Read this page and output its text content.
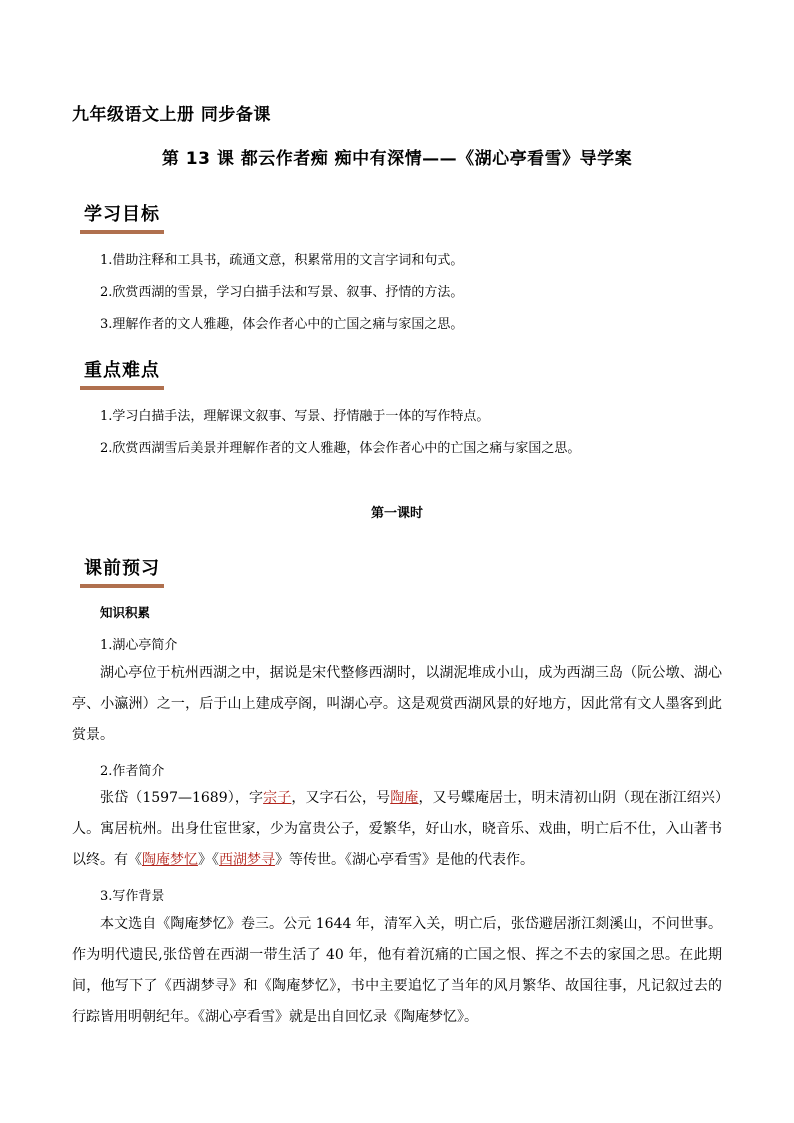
九年级语文上册 同步备课
第 13 课 都云作者痴 痴中有深情——《湖心亭看雪》导学案
学习目标
1.借助注释和工具书，疏通文意，积累常用的文言字词和句式。
2.欣赏西湖的雪景，学习白描手法和写景、叙事、抒情的方法。
3.理解作者的文人雅趣，体会作者心中的亡国之痛与家国之思。
重点难点
1.学习白描手法，理解课文叙事、写景、抒情融于一体的写作特点。
2.欣赏西湖雪后美景并理解作者的文人雅趣，体会作者心中的亡国之痛与家国之思。
第一课时
课前预习
知识积累
1.湖心亭简介

湖心亭位于杭州西湖之中，据说是宋代整修西湖时，以湖泥堆成小山，成为西湖三岛（阮公墩、湖心亭、小瀛洲）之一，后于山上建成亭阁，叫湖心亭。这是观赏西湖风景的好地方，因此常有文人墨客到此赏景。

2.作者简介

张岱（1597—1689），字宗子，又字石公，号陶庵，又号蝶庵居士，明末清初山阴（现在浙江绍兴）人。寓居杭州。出身仕宦世家，少为富贵公子，爱繁华，好山水，晓音乐、戏曲，明亡后不仕，入山著书以终。有《陶庵梦忆》《西湖梦寻》等传世。《湖心亭看雪》是他的代表作。

3.写作背景

本文选自《陶庵梦忆》卷三。公元 1644 年，清军入关，明亡后，张岱避居浙江剡溪山，不问世事。作为明代遗民,张岱曾在西湖一带生活了 40 年，他有着沉痛的亡国之恨、挥之不去的家国之思。在此期间，他写下了《西湖梦寻》和《陶庵梦忆》，书中主要追忆了当年的风月繁华、故国往事，凡记叙过去的行踪皆用明朝纪年。《湖心亭看雪》就是出自回忆录《陶庵梦忆》。
